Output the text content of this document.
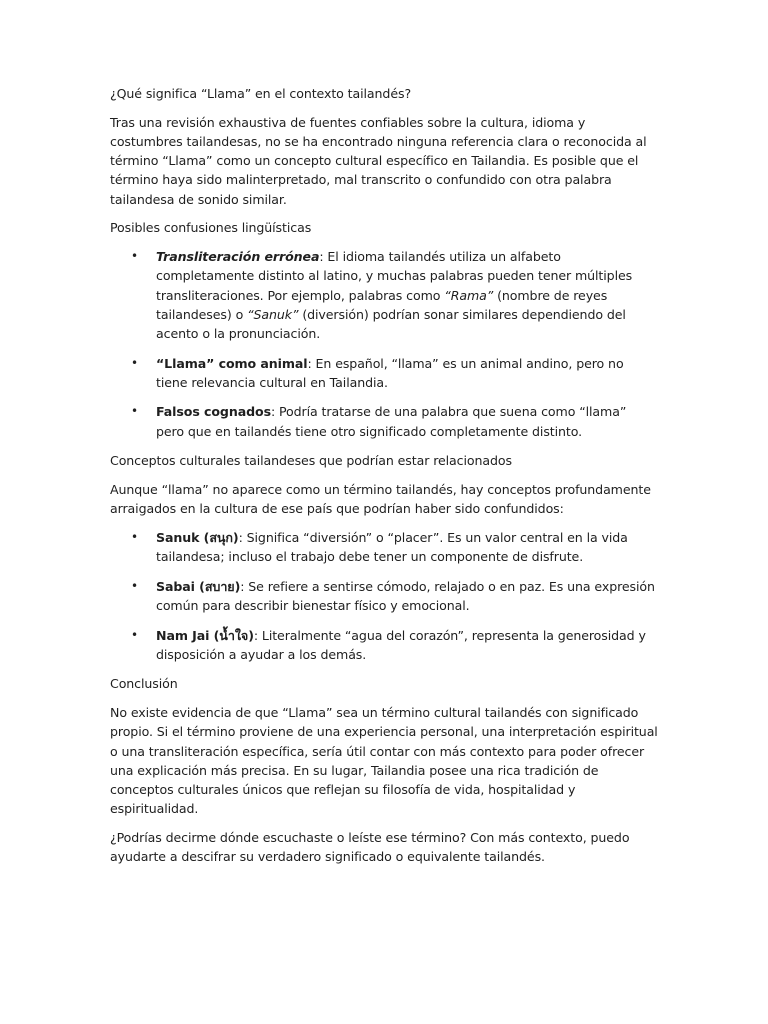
¿Qué significa “Llama” en el contexto tailandés?

Tras una revisión exhaustiva de fuentes confiables sobre la cultura, idioma y costumbres tailandesas, no se ha encontrado ninguna referencia clara o reconocida al término “Llama” como un concepto cultural específico en Tailandia. Es posible que el término haya sido malinterpretado, mal transcrito o confundido con otra palabra tailandesa de sonido similar.

Posibles confusiones lingüísticas

• Transliteración errónea: El idioma tailandés utiliza un alfabeto completamente distinto al latino, y muchas palabras pueden tener múltiples transliteraciones. Por ejemplo, palabras como “Rama” (nombre de reyes tailandeses) o “Sanuk” (diversión) podrían sonar similares dependiendo del acento o la pronunciación.
• “Llama” como animal: En español, “llama” es un animal andino, pero no tiene relevancia cultural en Tailandia.
• Falsos cognados: Podría tratarse de una palabra que suena como “llama” pero que en tailandés tiene otro significado completamente distinto.

Conceptos culturales tailandeses que podrían estar relacionados

Aunque “llama” no aparece como un término tailandés, hay conceptos profundamente arraigados en la cultura de ese país que podrían haber sido confundidos:

• Sanuk (สนุก): Significa “diversión” o “placer”. Es un valor central en la vida tailandesa; incluso el trabajo debe tener un componente de disfrute.
• Sabai (สบาย): Se refiere a sentirse cómodo, relajado o en paz. Es una expresión común para describir bienestar físico y emocional.
• Nam Jai (น้ำใจ): Literalmente “agua del corazón”, representa la generosidad y disposición a ayudar a los demás.

Conclusión

No existe evidencia de que “Llama” sea un término cultural tailandés con significado propio. Si el término proviene de una experiencia personal, una interpretación espiritual o una transliteración específica, sería útil contar con más contexto para poder ofrecer una explicación más precisa. En su lugar, Tailandia posee una rica tradición de conceptos culturales únicos que reflejan su filosofía de vida, hospitalidad y espiritualidad.

¿Podrías decirme dónde escuchaste o leíste ese término? Con más contexto, puedo ayudarte a descifrar su verdadero significado o equivalente tailandés.
